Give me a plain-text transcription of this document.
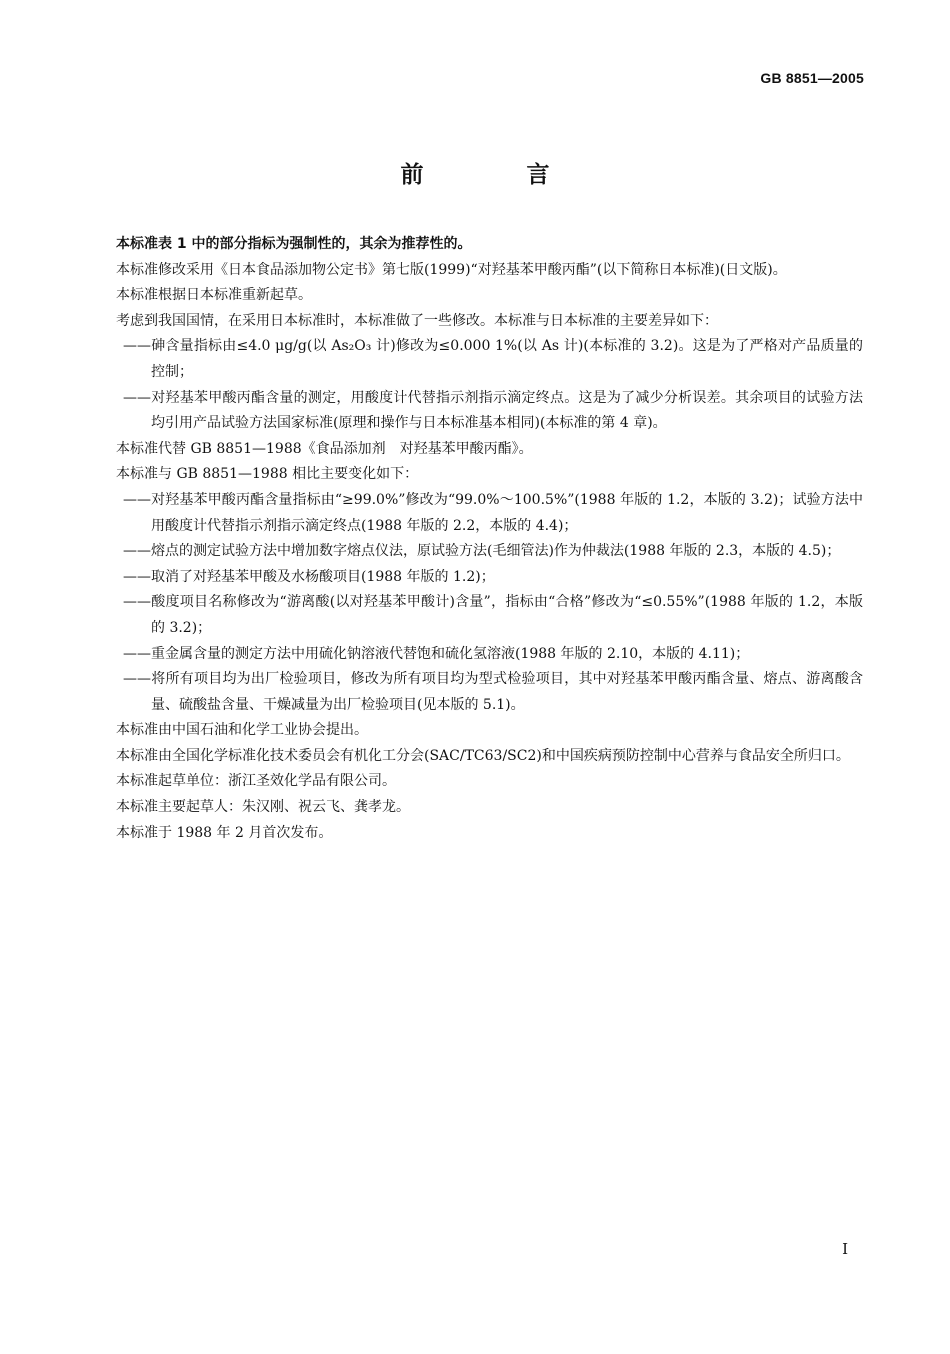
GB 8851—2005
前　言

本标准表 1 中的部分指标为强制性的，其余为推荐性的。

本标准修改采用《日本食品添加物公定书》第七版(1999)“对羟基苯甲酸丙酯”(以下简称日本标准)(日文版)。

本标准根据日本标准重新起草。

考虑到我国国情，在采用日本标准时，本标准做了一些修改。本标准与日本标准的主要差异如下：

——砷含量指标由≤4.0 μg/g(以 As₂O₃ 计)修改为≤0.000 1%(以 As 计)(本标准的 3.2)。这是为了严格对产品质量的控制；

——对羟基苯甲酸丙酯含量的测定，用酸度计代替指示剂指示滴定终点。这是为了减少分析误差。其余项目的试验方法均引用产品试验方法国家标准(原理和操作与日本标准基本相同)(本标准的第 4 章)。

本标准代替 GB 8851—1988《食品添加剂　对羟基苯甲酸丙酯》。

本标准与 GB 8851—1988 相比主要变化如下：

——对羟基苯甲酸丙酯含量指标由“≥99.0%”修改为“99.0%～100.5%”(1988 年版的 1.2，本版的 3.2)；试验方法中用酸度计代替指示剂指示滴定终点(1988 年版的 2.2，本版的 4.4)；

——熔点的测定试验方法中增加数字熔点仪法，原试验方法(毛细管法)作为仲裁法(1988 年版的 2.3，本版的 4.5)；

——取消了对羟基苯甲酸及水杨酸项目(1988 年版的 1.2)；

——酸度项目名称修改为“游离酸(以对羟基苯甲酸计)含量”，指标由“合格”修改为“≤0.55%”(1988 年版的 1.2，本版的 3.2)；

——重金属含量的测定方法中用硫化钠溶液代替饱和硫化氢溶液(1988 年版的 2.10，本版的 4.11)；

——将所有项目均为出厂检验项目，修改为所有项目均为型式检验项目，其中对羟基苯甲酸丙酯含量、熔点、游离酸含量、硫酸盐含量、干燥减量为出厂检验项目(见本版的 5.1)。

本标准由中国石油和化学工业协会提出。

本标准由全国化学标准化技术委员会有机化工分会(SAC/TC63/SC2)和中国疾病预防控制中心营养与食品安全所归口。

本标准起草单位：浙江圣效化学品有限公司。

本标准主要起草人：朱汉刚、祝云飞、龚孝龙。

本标准于 1988 年 2 月首次发布。

I
